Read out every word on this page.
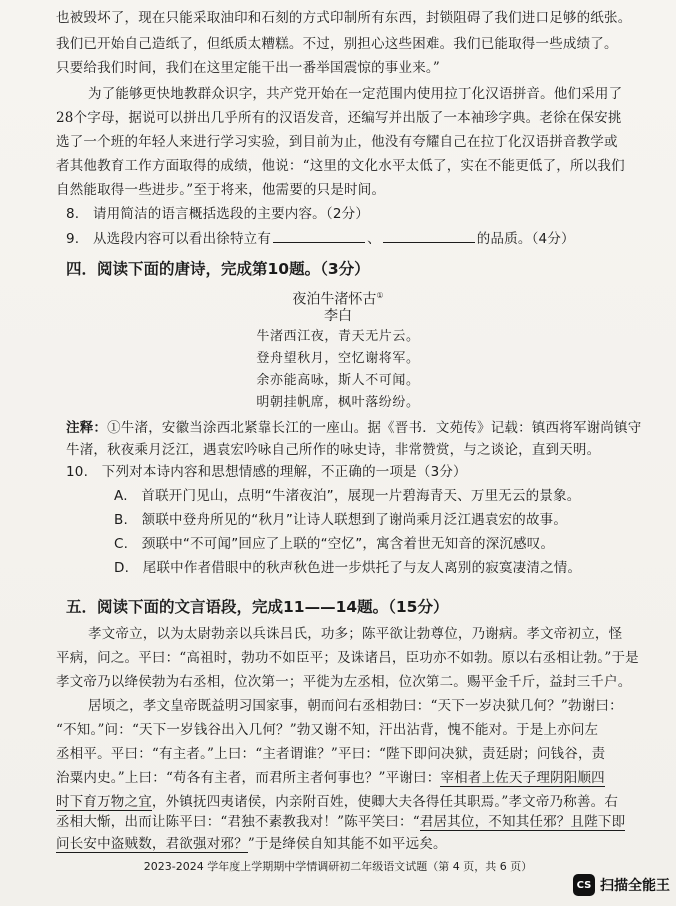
也被毁坏了，现在只能采取油印和石刻的方式印制所有东西，封锁阻碍了我们进口足够的纸张。
我们已开始自己造纸了，但纸质太糟糕。不过，别担心这些困难。我们已能取得一些成绩了。
只要给我们时间，我们在这里定能干出一番举国震惊的事业来。”
为了能够更快地教群众识字，共产党开始在一定范围内使用拉丁化汉语拼音。他们采用了
28个字母，据说可以拼出几乎所有的汉语发音，还编写并出版了一本袖珍字典。老徐在保安挑
选了一个班的年轻人来进行学习实验，到目前为止，他没有夸耀自己在拉丁化汉语拼音教学或
者其他教育工作方面取得的成绩，他说：“这里的文化水平太低了，实在不能更低了，所以我们
自然能取得一些进步。”至于将来，他需要的只是时间。
8.　请用简洁的语言概括选段的主要内容。（2分）
9.　从选段内容可以看出徐特立有	、	的品质。（4分）
四．阅读下面的唐诗，完成第10题。（3分）
夜泊牛渚怀古①
李白
牛渚西江夜，青天无片云。
登舟望秋月，空忆谢将军。
余亦能高咏，斯人不可闻。
明朝挂帆席，枫叶落纷纷。
注释：①牛渚，安徽当涂西北紧靠长江的一座山。据《晋书．文苑传》记载：镇西将军谢尚镇守
牛渚，秋夜乘月泛江，遇袁宏吟咏自己所作的咏史诗，非常赞赏，与之谈论，直到天明。
10.　下列对本诗内容和思想情感的理解，不正确的一项是（3分）
A.　首联开门见山，点明“牛渚夜泊”，展现一片碧海青天、万里无云的景象。
B.　颔联中登舟所见的“秋月”让诗人联想到了谢尚乘月泛江遇袁宏的故事。
C.　颈联中“不可闻”回应了上联的“空忆”，寓含着世无知音的深沉感叹。
D.　尾联中作者借眼中的秋声秋色进一步烘托了与友人离别的寂寞凄清之情。
五．阅读下面的文言语段，完成11——14题。（15分）
孝文帝立，以为太尉勃亲以兵诛吕氏，功多；陈平欲让勃尊位，乃谢病。孝文帝初立，怪
平病，问之。平曰：“高祖时，勃功不如臣平；及诛诸吕，臣功亦不如勃。原以右丞相让勃。”于是
孝文帝乃以绛侯勃为右丞相，位次第一；平徙为左丞相，位次第二。赐平金千斤，益封三千户。
居顷之，孝文皇帝既益明习国家事，朝而问右丞相勃曰：“天下一岁决狱几何？”勃谢曰：
“不知。”问：“天下一岁钱谷出入几何？”勃又谢不知，汗出沾背，愧不能对。于是上亦问左
丞相平。平曰：“有主者。”上曰：“主者谓谁？”平曰：“陛下即问决狱，责廷尉；问钱谷，责
治粟内史。”上曰：“苟各有主者，而君所主者何事也？”平谢曰：宰相者上佐天子理阴阳顺四
时下育万物之宜，外镇抚四夷诸侯，内亲附百姓，使卿大夫各得任其职焉。”孝文帝乃称善。右
2023-2024 学年度上学期期中学情调研初二年级语文试题（第 4 页，共 6 页）
CS 扫描全能王
丞相大惭，出而让陈平曰：“君独不素教我对！”陈平笑曰：“君居其位，不知其任邪？且陛下即
问长安中盗贼数，君欲强对邪？”于是绛侯自知其能不如平远矣。
